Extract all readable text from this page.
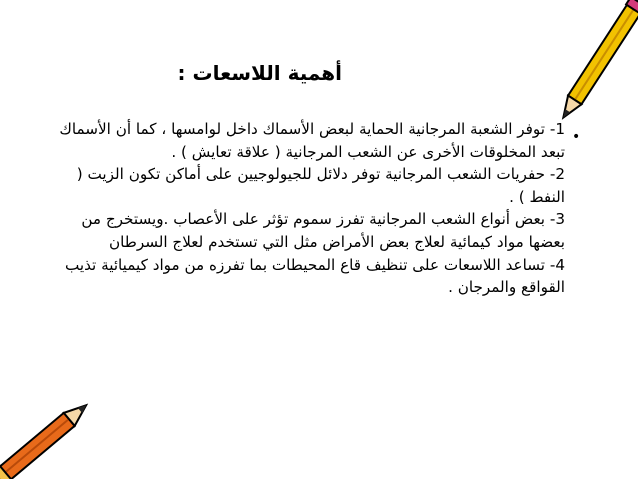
أهمية اللاسعات :
•
1- توفر الشعبة المرجانية الحماية لبعض الأسماك داخل لوامسها ، كما أن الأسماك تبعد المخلوقات الأخرى عن الشعب المرجانية ( علاقة تعايش ) .
2- حفريات الشعب المرجانية توفر دلائل للجيولوجيين على أماكن تكون الزيت ( النفط ) .
3- بعض أنواع الشعب المرجانية تفرز سموم تؤثر على الأعصاب .ويستخرج من بعضها مواد كيمائية لعلاج بعض الأمراض مثل التي تستخدم لعلاج السرطان
4- تساعد اللاسعات على تنظيف قاع المحيطات بما تفرزه من مواد كيميائية تذيب القواقع والمرجان .
